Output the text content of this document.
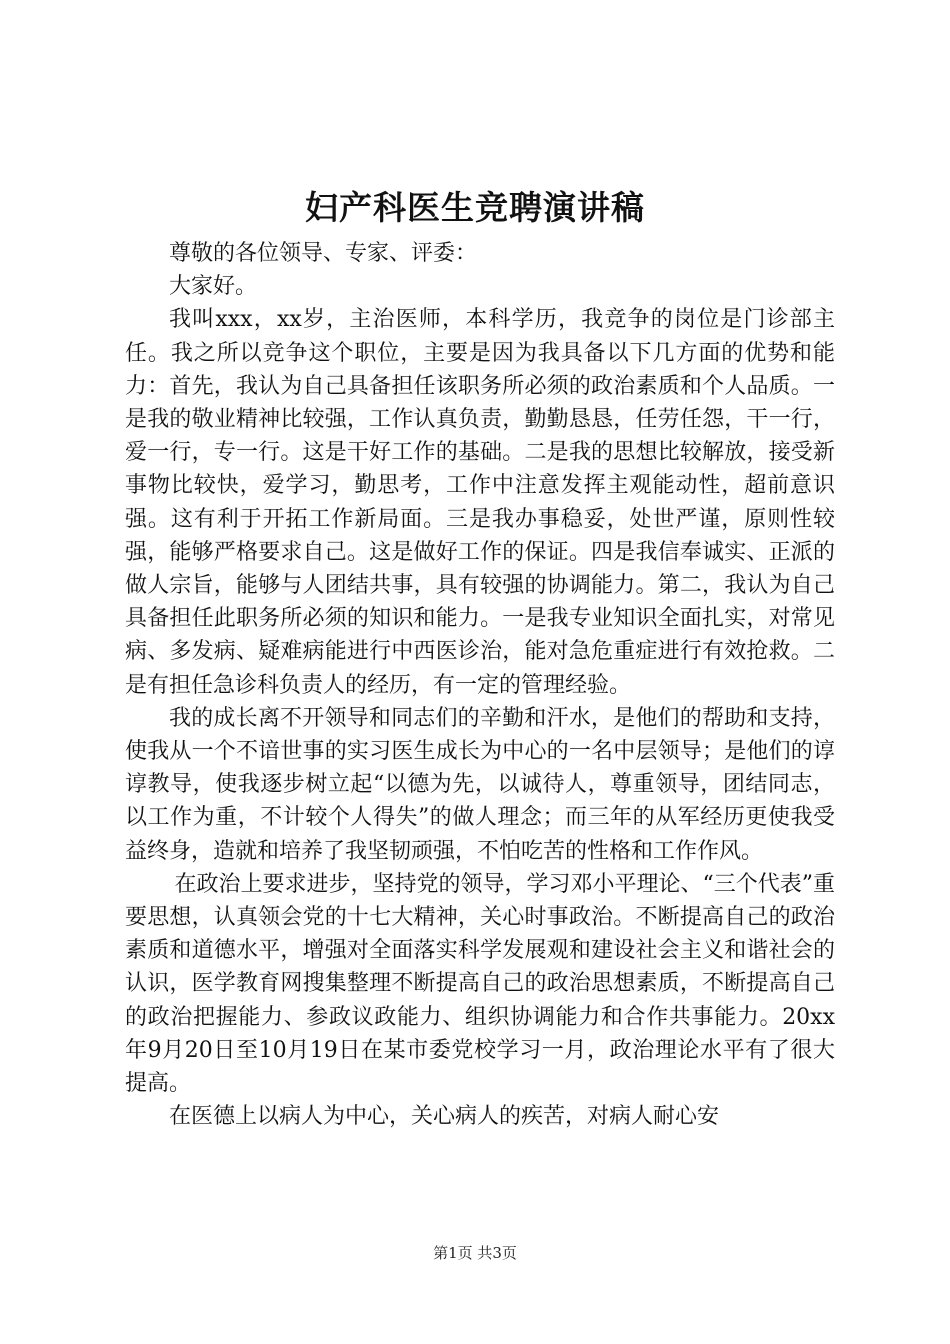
妇产科医生竞聘演讲稿

尊敬的各位领导、专家、评委：

大家好。

我叫xxx，xx岁，主治医师，本科学历，我竞争的岗位是门诊部主任。我之所以竞争这个职位，主要是因为我具备以下几方面的优势和能力：首先，我认为自己具备担任该职务所必须的政治素质和个人品质。一是我的敬业精神比较强，工作认真负责，勤勤恳恳，任劳任怨，干一行，爱一行，专一行。这是干好工作的基础。二是我的思想比较解放，接受新事物比较快，爱学习，勤思考，工作中注意发挥主观能动性，超前意识强。这有利于开拓工作新局面。三是我办事稳妥，处世严谨，原则性较强，能够严格要求自己。这是做好工作的保证。四是我信奉诚实、正派的做人宗旨，能够与人团结共事，具有较强的协调能力。第二，我认为自己具备担任此职务所必须的知识和能力。一是我专业知识全面扎实，对常见病、多发病、疑难病能进行中西医诊治，能对急危重症进行有效抢救。二是有担任急诊科负责人的经历，有一定的管理经验。

我的成长离不开领导和同志们的辛勤和汗水，是他们的帮助和支持，使我从一个不谙世事的实习医生成长为中心的一名中层领导；是他们的谆谆教导，使我逐步树立起“以德为先，以诚待人，尊重领导，团结同志，以工作为重，不计较个人得失”的做人理念；而三年的从军经历更使我受益终身，造就和培养了我坚韧顽强，不怕吃苦的性格和工作作风。

在政治上要求进步，坚持党的领导，学习邓小平理论、“三个代表”重要思想，认真领会党的十七大精神，关心时事政治。不断提高自己的政治素质和道德水平，增强对全面落实科学发展观和建设社会主义和谐社会的认识，医学教育网搜集整理不断提高自己的政治思想素质，不断提高自己的政治把握能力、参政议政能力、组织协调能力和合作共事能力。20xx年9月20日至10月19日在某市委党校学习一月，政治理论水平有了很大提高。

在医德上以病人为中心，关心病人的疾苦，对病人耐心安

第1页 共3页
